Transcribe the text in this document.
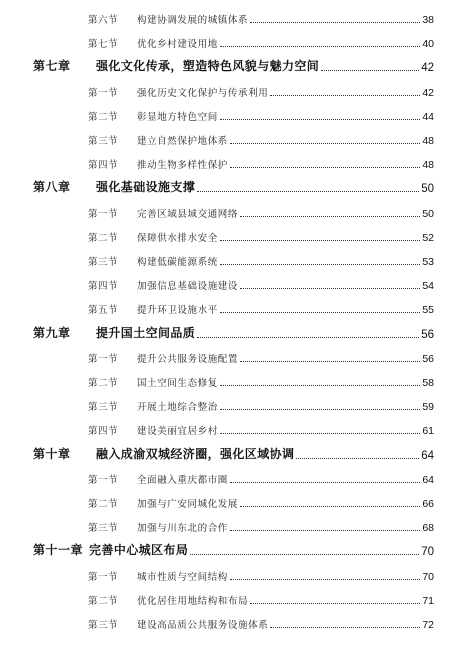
第六节 构建协调发展的城镇体系	38
第七节 优化乡村建设用地	40
第七章 强化文化传承，塑造特色风貌与魅力空间	42
第一节 强化历史文化保护与传承利用	42
第二节 彰显地方特色空间	44
第三节 建立自然保护地体系	48
第四节 推动生物多样性保护	48
第八章 强化基础设施支撑	50
第一节 完善区域县域交通网络	50
第二节 保障供水排水安全	52
第三节 构建低碳能源系统	53
第四节 加强信息基础设施建设	54
第五节 提升环卫设施水平	55
第九章 提升国土空间品质	56
第一节 提升公共服务设施配置	56
第二节 国土空间生态修复	58
第三节 开展土地综合整治	59
第四节 建设美丽宜居乡村	61
第十章 融入成渝双城经济圈，强化区域协调	64
第一节 全面融入重庆都市圈	64
第二节 加强与广安同城化发展	66
第三节 加强与川东北的合作	68
第十一章 完善中心城区布局	70
第一节 城市性质与空间结构	70
第二节 优化居住用地结构和布局	71
第三节 建设高品质公共服务设施体系	72
